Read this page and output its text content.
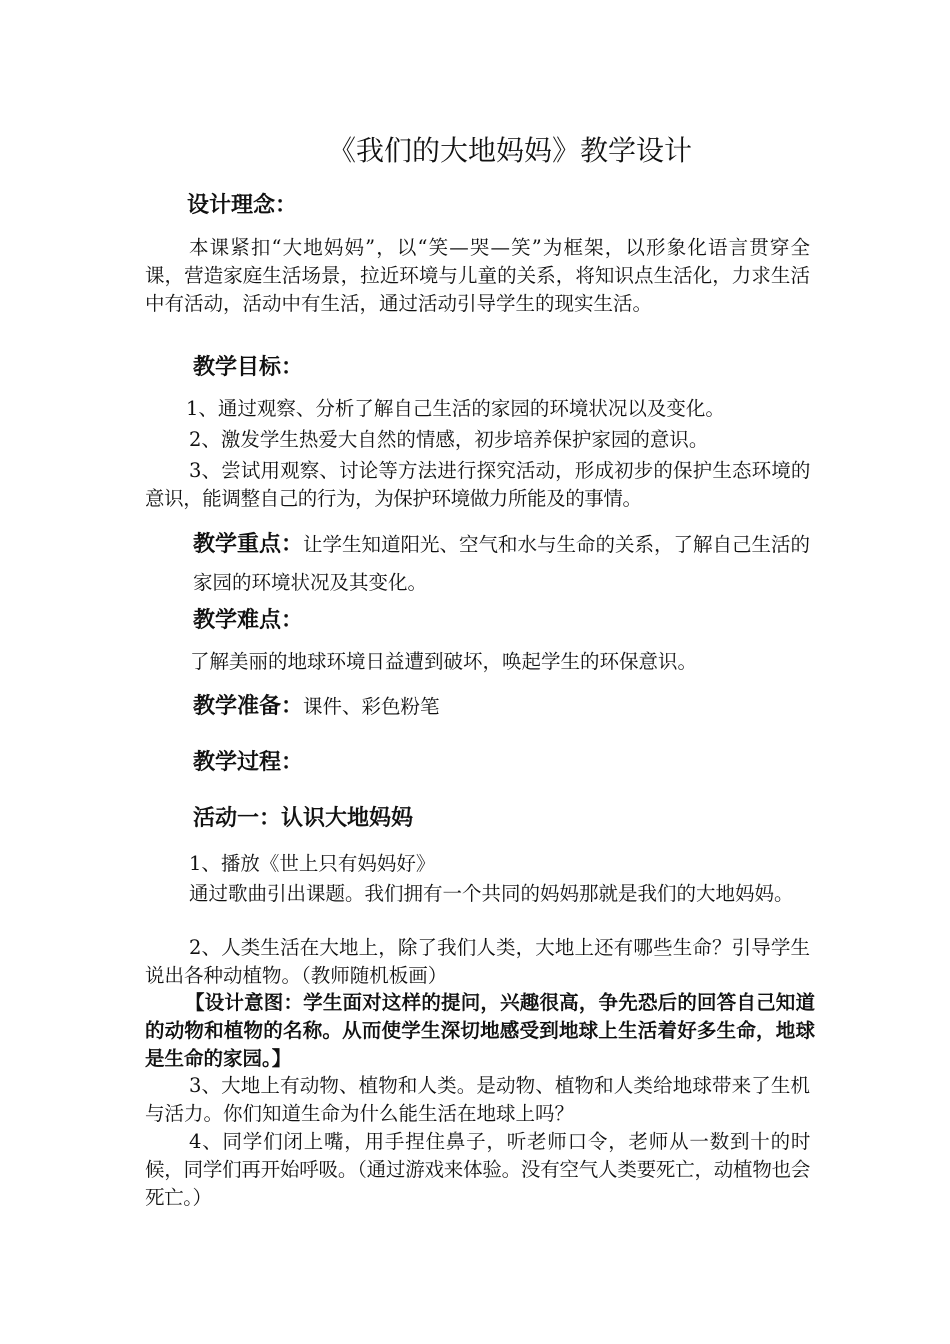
《我们的大地妈妈》教学设计
设计理念：

本课紧扣“大地妈妈”，以“笑—哭—笑”为框架，以形象化语言贯穿全课，营造家庭生活场景，拉近环境与儿童的关系，将知识点生活化，力求生活中有活动，活动中有生活，通过活动引导学生的现实生活。

教学目标：

1、通过观察、分析了解自己生活的家园的环境状况以及变化。

2、激发学生热爱大自然的情感，初步培养保护家园的意识。

3、尝试用观察、讨论等方法进行探究活动，形成初步的保护生态环境的意识，能调整自己的行为，为保护环境做力所能及的事情。

教学重点：让学生知道阳光、空气和水与生命的关系，了解自己生活的家园的环境状况及其变化。
教学难点：

了解美丽的地球环境日益遭到破坏，唤起学生的环保意识。

教学准备：课件、彩色粉笔
教学过程：
活动一：认识大地妈妈

1、播放《世上只有妈妈好》

通过歌曲引出课题。我们拥有一个共同的妈妈那就是我们的大地妈妈。

2、人类生活在大地上，除了我们人类，大地上还有哪些生命？引导学生说出各种动植物。（教师随机板画）

【设计意图：学生面对这样的提问，兴趣很高，争先恐后的回答自己知道的动物和植物的名称。从而使学生深切地感受到地球上生活着好多生命，地球是生命的家园。】

3、大地上有动物、植物和人类。是动物、植物和人类给地球带来了生机与活力。你们知道生命为什么能生活在地球上吗？

4、同学们闭上嘴，用手捏住鼻子，听老师口令，老师从一数到十的时候，同学们再开始呼吸。（通过游戏来体验。没有空气人类要死亡，动植物也会死亡。）
